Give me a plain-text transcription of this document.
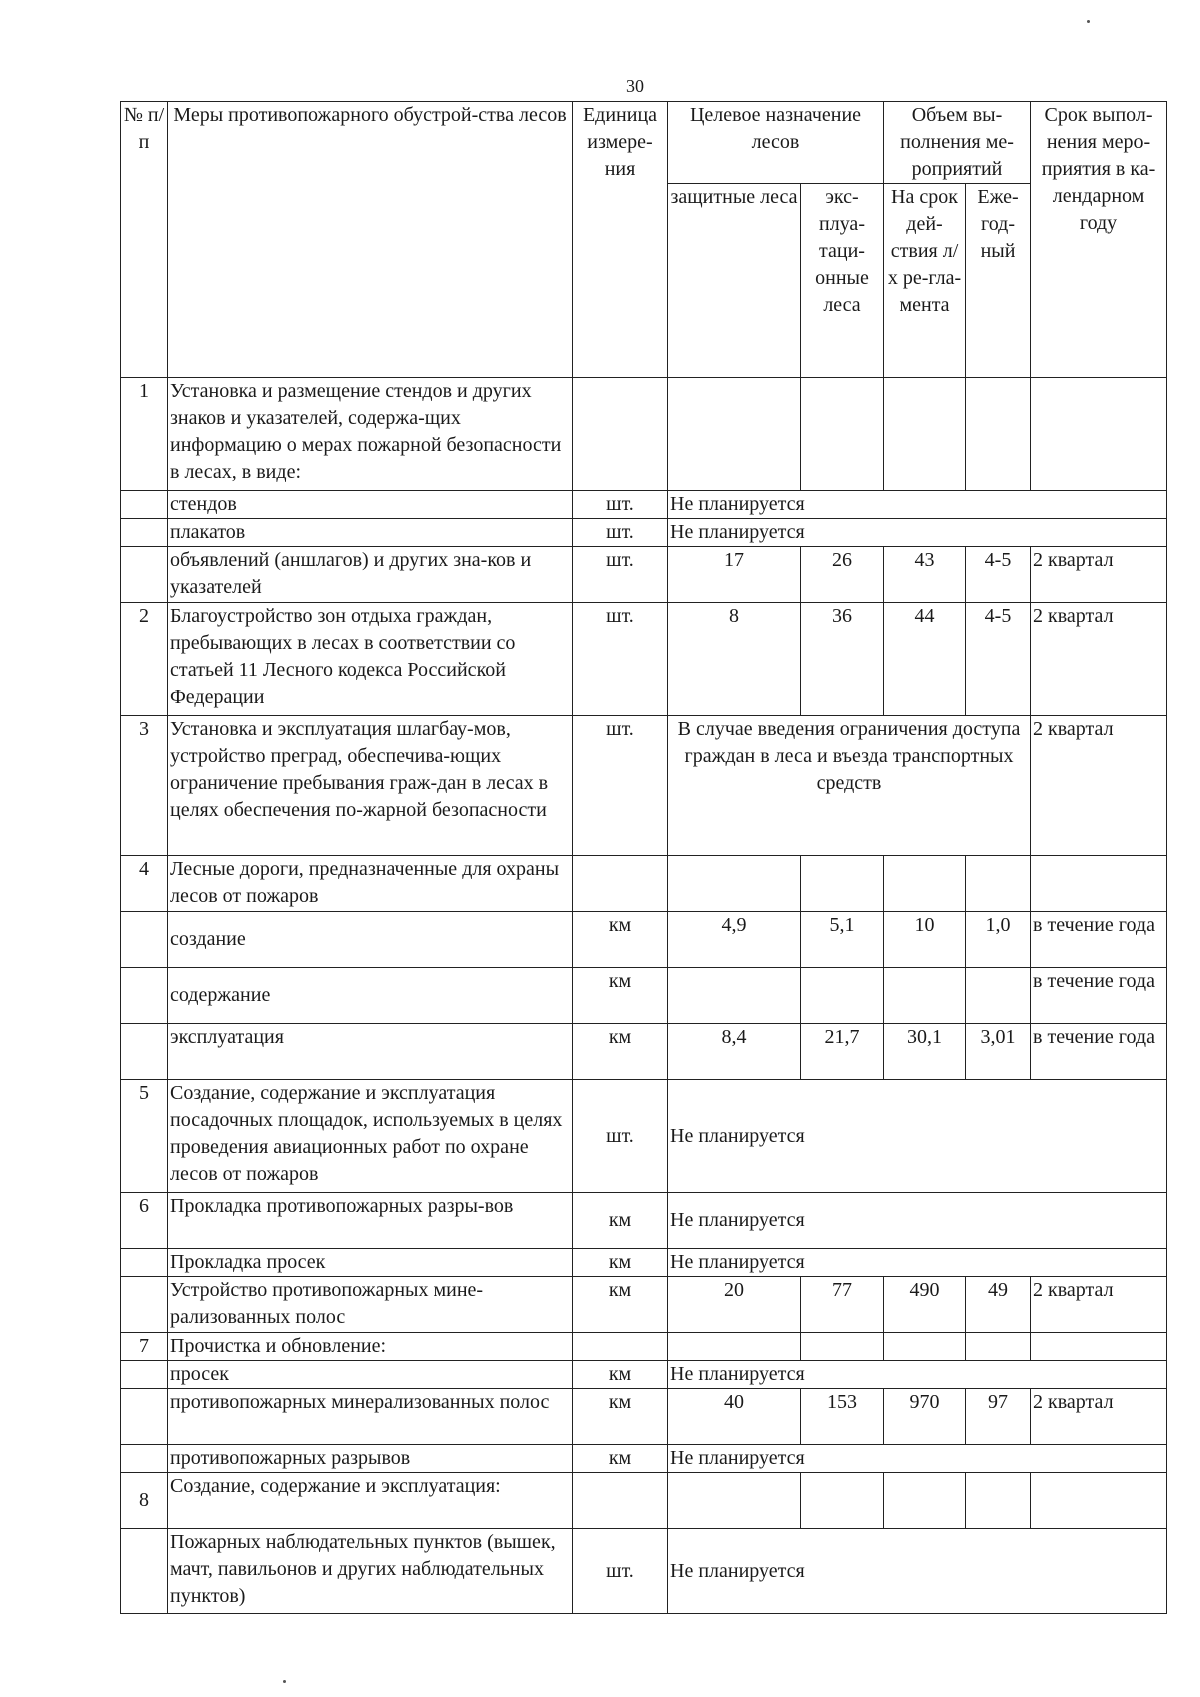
30
№ п/п	Меры противопожарного обустрой-ства лесов	Единица измере-ния	Целевое назначение лесов		Объем вы-полнения ме-роприятий		Срок выпол-нения меро-приятия в ка-лендарном году
			защитные леса	экс-плуа-таци-онные леса	На срок дей-ствия л/х ре-гла-мента	Еже-год-ный	
1	Установка и размещение стендов и других знаков и указателей, содержа-щих информацию о мерах пожарной безопасности в лесах, в виде:						
	стендов	шт.	Не планируется				
	плакатов	шт.	Не планируется				
	объявлений (аншлагов) и других зна-ков и указателей	шт.	17	26	43	4-5	2 квартал
2	Благоустройство зон отдыха граждан, пребывающих в лесах в соответствии со статьей 11 Лесного кодекса Российской Федерации	шт.	8	36	44	4-5	2 квартал
3	Установка и эксплуатация шлагбау-мов, устройство преград, обеспечива-ющих ограничение пребывания граж-дан в лесах в целях обеспечения по-жарной безопасности	шт.	В случае введения ограничения доступа граждан в леса и въезда транспортных средств				2 квартал
4	Лесные дороги, предназначенные для охраны лесов от пожаров						
	создание	км	4,9	5,1	10	1,0	в течение года
	содержание	км					в течение года
	эксплуатация	км	8,4	21,7	30,1	3,01	в течение года
5	Создание, содержание и эксплуатация посадочных площадок, используемых в целях проведения авиационных работ по охране лесов от пожаров	шт.	Не планируется				
6	Прокладка противопожарных разры-вов	км	Не планируется				
	Прокладка просек	км	Не планируется				
	Устройство противопожарных мине-рализованных полос	км	20	77	490	49	2 квартал
7	Прочистка и обновление:						
	просек	км	Не планируется				
	противопожарных минерализованных полос	км	40	153	970	97	2 квартал
	противопожарных разрывов	км	Не планируется				
8	Создание, содержание и эксплуатация:						
	Пожарных наблюдательных пунктов (вышек, мачт, павильонов и других наблюдательных пунктов)	шт.	Не планируется				
